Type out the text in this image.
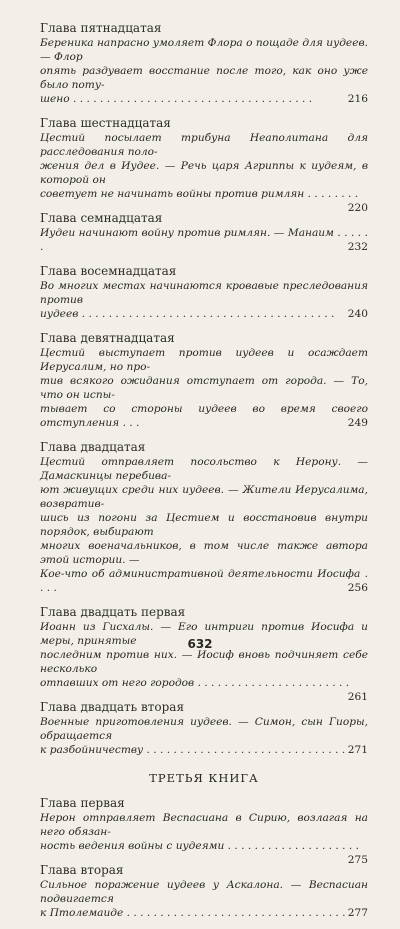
Глава пятнадцатая
Береника напрасно умоляет Флора о пощаде для иудеев. — Флор
опять раздувает восстание после того, как оно уже было поту-
шено . . . . . . . . . . . . . . . . . . . . . . . . . . . . . . . . . . . .	216
Глава шестнадцатая
Цестий посылает трибуна Неаполитана для расследования поло-
жения дел в Иудее. — Речь царя Агриппы к иудеям, в которой он
советует не начинать войны против римлян . . . . . . . .
220
Глава семнадцатая
Иудеи начинают войну против римлян. — Манаим . . . . . .	232
Глава восемнадцатая
Во многих местах начинаются кровавые преследования против
иудеев . . . . . . . . . . . . . . . . . . . . . . . . . . . . . . . . . . . . . . 240
Глава девятнадцатая
Цестий выступает против иудеев и осаждает Иерусалим, но про-
тив всякого ожидания отступает от города. — То, что он испы-
тывает со стороны иудеев во время своего отступления . . .	249
Глава двадцатая
Цестий отправляет посольство к Нерону. — Дамаскинцы перебива-
ют живущих среди них иудеев. — Жители Иерусалима, возвратив-
шись из погони за Цестием и восстановив внутри порядок, выбирают
многих военачальников, в том числе также автора этой истории. —
Кое-что об административной деятельности Иосифа . . . .	256
Глава двадцать первая
Иоанн из Гисхалы. — Его интриги против Иосифа и меры, принятые
последним против них. — Иосиф вновь подчиняет себе несколько
отпавших от него городов . . . . . . . . . . . . . . . . . . . . . . .
261
Глава двадцать вторая
Военные приготовления иудеев. — Симон, сын Гиоры, обращается
к разбойничеству . . . . . . . . . . . . . . . . . . . . . . . . . . . . . . 271
ТРЕТЬЯ КНИГА
Глава первая
Нерон отправляет Веспасиана в Сирию, возлагая на него обязан-
ность ведения войны с иудеями . . . . . . . . . . . . . . . . . . . .
275
Глава вторая
Сильное поражение иудеев у Аскалона. — Веспасиан подвигается
к Птолемаиде . . . . . . . . . . . . . . . . . . . . . . . . . . . . . . . . . 277
632
